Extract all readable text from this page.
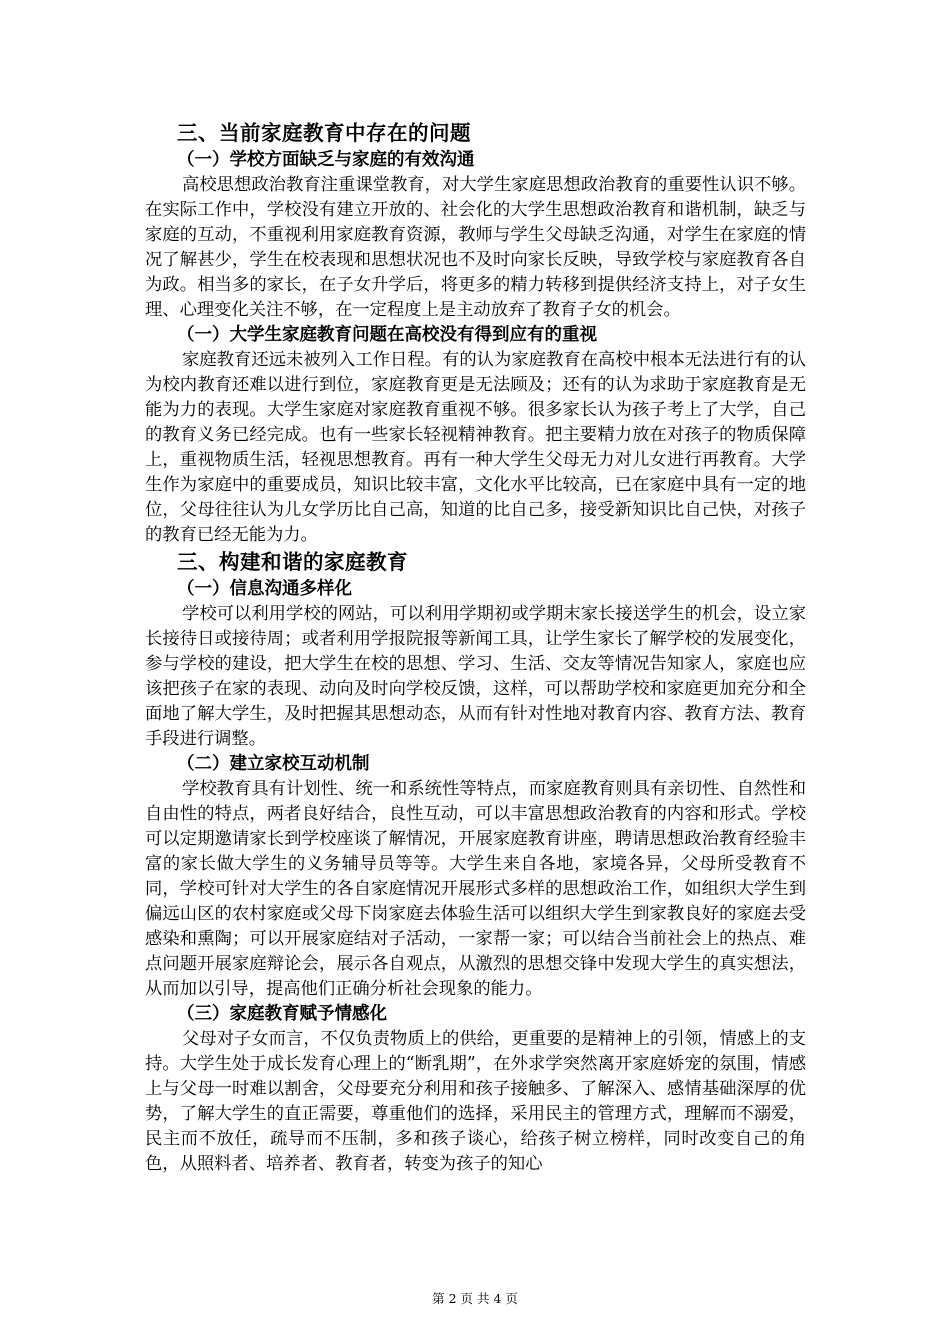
三、当前家庭教育中存在的问题
（一）学校方面缺乏与家庭的有效沟通

高校思想政治教育注重课堂教育，对大学生家庭思想政治教育的重要性认识不够。在实际工作中，学校没有建立开放的、社会化的大学生思想政治教育和谐机制，缺乏与家庭的互动，不重视利用家庭教育资源，教师与学生父母缺乏沟通，对学生在家庭的情况了解甚少，学生在校表现和思想状况也不及时向家长反映，导致学校与家庭教育各自为政。相当多的家长，在子女升学后，将更多的精力转移到提供经济支持上，对子女生理、心理变化关注不够，在一定程度上是主动放弃了教育子女的机会。

（一）大学生家庭教育问题在高校没有得到应有的重视

家庭教育还远未被列入工作日程。有的认为家庭教育在高校中根本无法进行有的认为校内教育还难以进行到位，家庭教育更是无法顾及；还有的认为求助于家庭教育是无能为力的表现。大学生家庭对家庭教育重视不够。很多家长认为孩子考上了大学，自己的教育义务已经完成。也有一些家长轻视精神教育。把主要精力放在对孩子的物质保障上，重视物质生活，轻视思想教育。再有一种大学生父母无力对儿女进行再教育。大学生作为家庭中的重要成员，知识比较丰富，文化水平比较高，已在家庭中具有一定的地位，父母往往认为儿女学历比自己高，知道的比自己多，接受新知识比自己快，对孩子的教育已经无能为力。

三、构建和谐的家庭教育
（一）信息沟通多样化

学校可以利用学校的网站，可以利用学期初或学期末家长接送学生的机会，设立家长接待日或接待周；或者利用学报院报等新闻工具，让学生家长了解学校的发展变化，参与学校的建设，把大学生在校的思想、学习、生活、交友等情况告知家人，家庭也应该把孩子在家的表现、动向及时向学校反馈，这样，可以帮助学校和家庭更加充分和全面地了解大学生，及时把握其思想动态，从而有针对性地对教育内容、教育方法、教育手段进行调整。

（二）建立家校互动机制

学校教育具有计划性、统一和系统性等特点，而家庭教育则具有亲切性、自然性和自由性的特点，两者良好结合，良性互动，可以丰富思想政治教育的内容和形式。学校可以定期邀请家长到学校座谈了解情况，开展家庭教育讲座，聘请思想政治教育经验丰富的家长做大学生的义务辅导员等等。大学生来自各地，家境各异，父母所受教育不同，学校可针对大学生的各自家庭情况开展形式多样的思想政治工作，如组织大学生到偏远山区的农村家庭或父母下岗家庭去体验生活可以组织大学生到家教良好的家庭去受感染和熏陶；可以开展家庭结对子活动，一家帮一家；可以结合当前社会上的热点、难点问题开展家庭辩论会，展示各自观点，从激烈的思想交锋中发现大学生的真实想法，从而加以引导，提高他们正确分析社会现象的能力。

（三）家庭教育赋予情感化

父母对子女而言，不仅负责物质上的供给，更重要的是精神上的引领，情感上的支持。大学生处于成长发育心理上的“断乳期”，在外求学突然离开家庭娇宠的氛围，情感上与父母一时难以割舍，父母要充分利用和孩子接触多、了解深入、感情基础深厚的优势，了解大学生的直正需要，尊重他们的选择，采用民主的管理方式，理解而不溺爱，民主而不放任，疏导而不压制，多和孩子谈心，给孩子树立榜样，同时改变自己的角色，从照料者、培养者、教育者，转变为孩子的知心

第 2 页 共 4 页
